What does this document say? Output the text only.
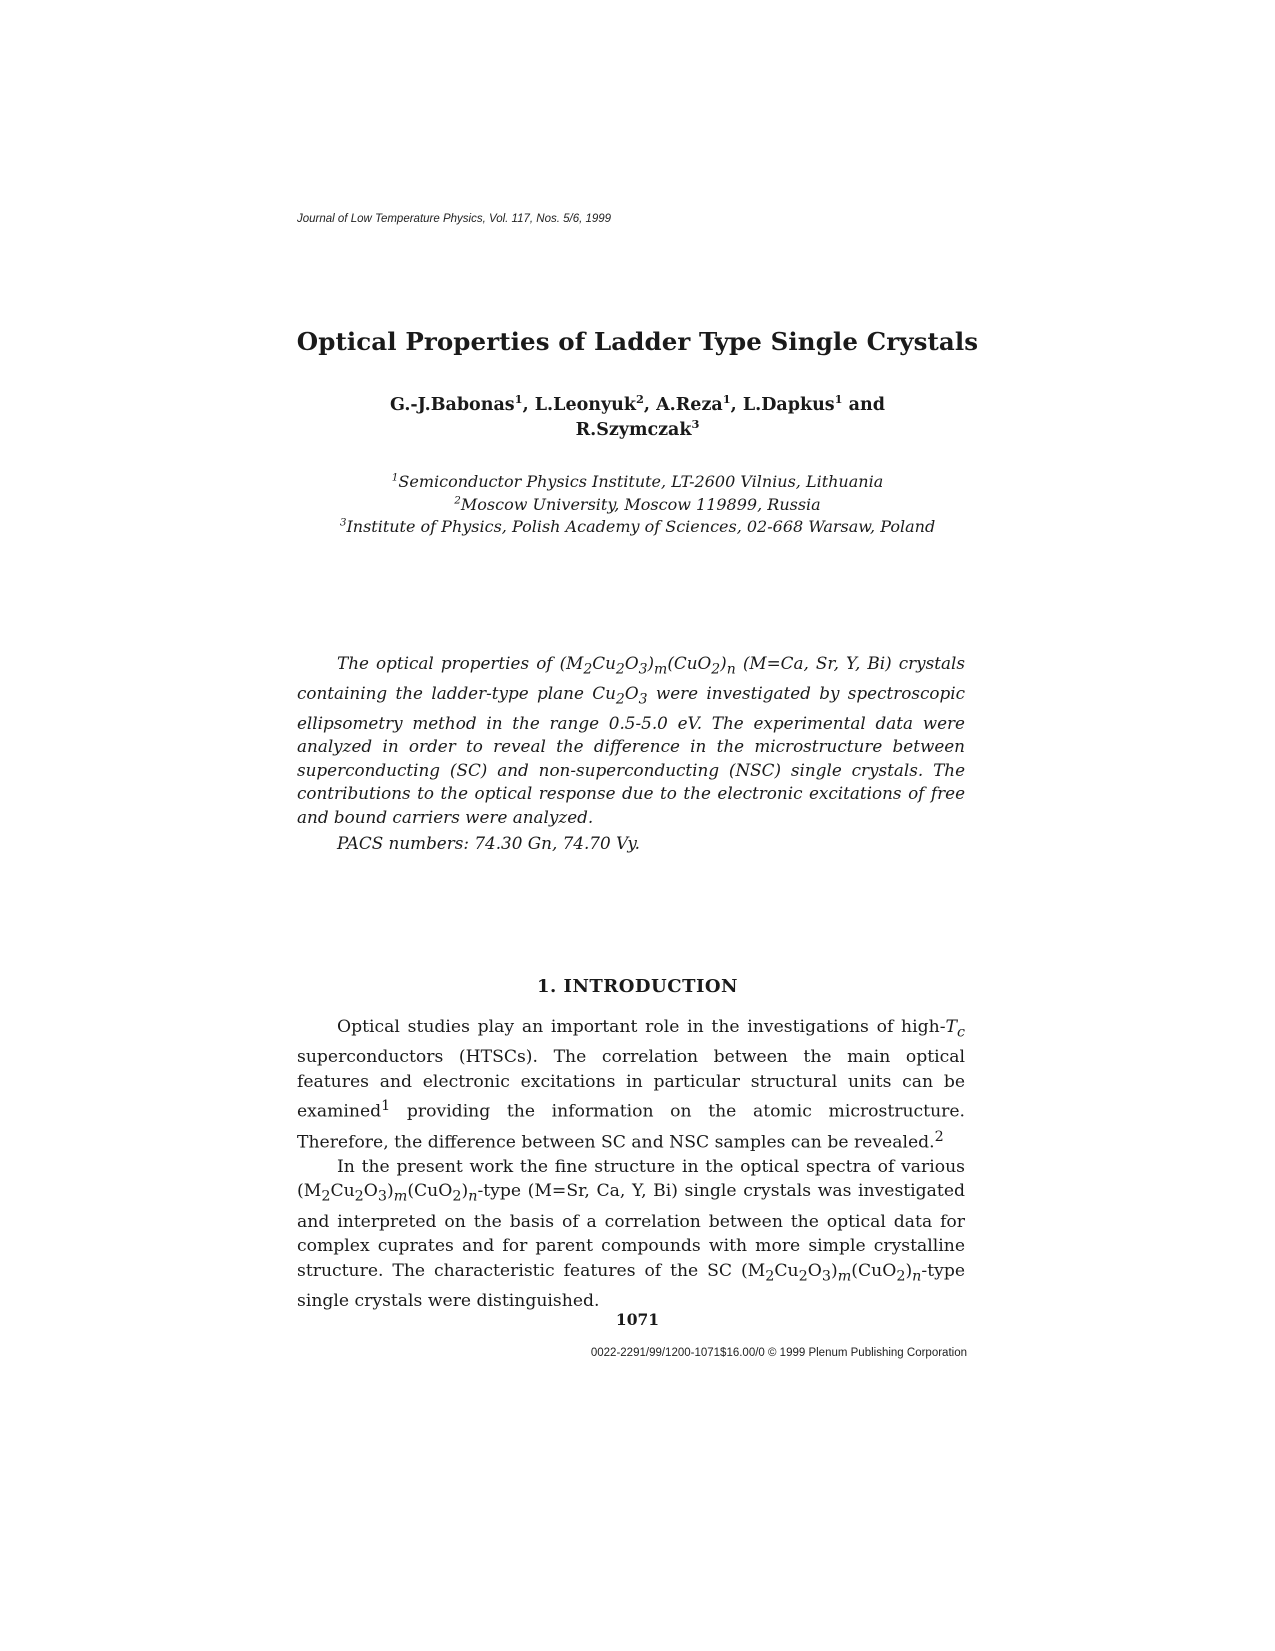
Journal of Low Temperature Physics, Vol. 117, Nos. 5/6, 1999
Optical Properties of Ladder Type Single Crystals
G.-J.Babonas$^1$, L.Leonyuk$^2$, A.Reza$^1$, L.Dapkus$^1$ and
R.Szymczak$^3$
$^1$Semiconductor Physics Institute, LT-2600 Vilnius, Lithuania
$^2$Moscow University, Moscow 119899, Russia
$^3$Institute of Physics, Polish Academy of Sciences, 02-668 Warsaw, Poland

The optical properties of $(M_2Cu_2O_3)_m(CuO_2)_n$ (M=Ca, Sr, Y, Bi) crystals containing the ladder-type plane $Cu_2O_3$ were investigated by spectroscopic ellipsometry method in the range 0.5-5.0 eV. The experimental data were analyzed in order to reveal the difference in the microstructure between superconducting (SC) and non-superconducting (NSC) single crystals. The contributions to the optical response due to the electronic excitations of free and bound carriers were analyzed.

PACS numbers: 74.30 Gn, 74.70 Vy.
1. INTRODUCTION

Optical studies play an important role in the investigations of high-$T_c$ superconductors (HTSCs). The correlation between the main optical features and electronic excitations in particular structural units can be examined$^1$ providing the information on the atomic microstructure. Therefore, the difference between SC and NSC samples can be revealed.$^2$

In the present work the fine structure in the optical spectra of various $(M_2Cu_2O_3)_m(CuO_2)_n$-type (M=Sr, Ca, Y, Bi) single crystals was investigated and interpreted on the basis of a correlation between the optical data for complex cuprates and for parent compounds with more simple crystalline structure. The characteristic features of the SC $(M_2Cu_2O_3)_m(CuO_2)_n$-type single crystals were distinguished.

1071
0022-2291/99/1200-1071$16.00/0 © 1999 Plenum Publishing Corporation
